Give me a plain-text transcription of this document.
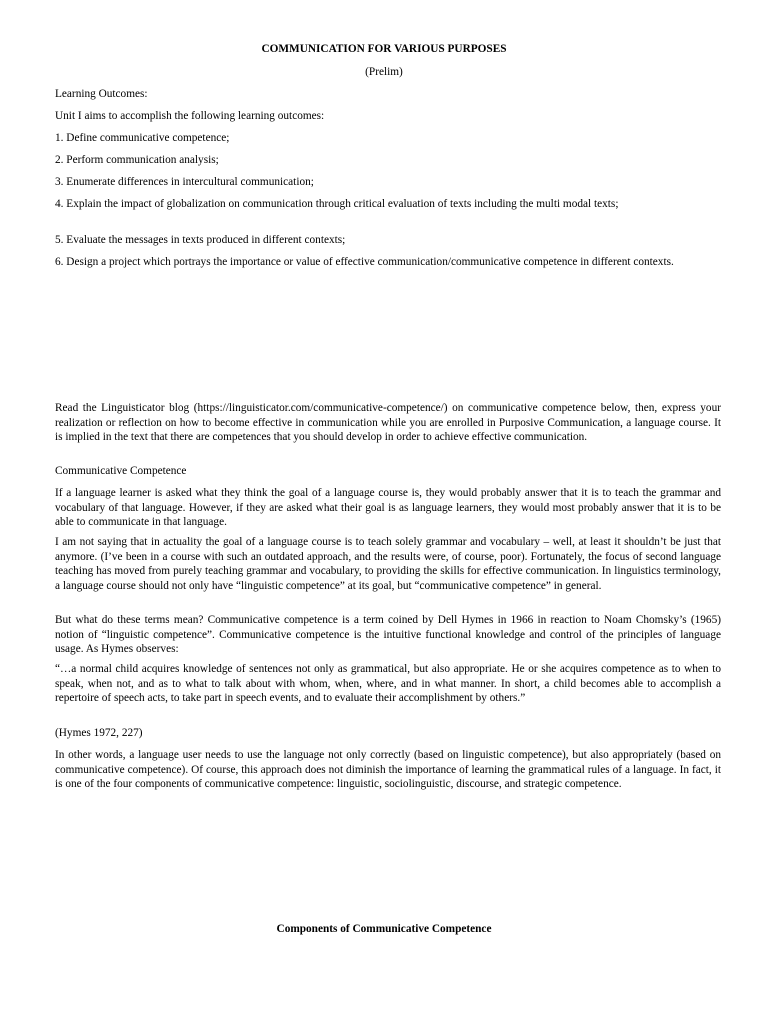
COMMUNICATION FOR VARIOUS PURPOSES

(Prelim)

Learning Outcomes:

Unit I aims to accomplish the following learning outcomes:

1. Define communicative competence;

2. Perform communication analysis;

3. Enumerate differences in intercultural communication;

4. Explain the impact of globalization on communication through critical evaluation of texts including the multi modal texts;

5. Evaluate the messages in texts produced in different contexts;

6. Design a project which portrays the importance or value of effective communication/communicative competence in different contexts.

Read the Linguisticator blog (https://linguisticator.com/communicative-competence/) on communicative competence below, then, express your realization or reflection on how to become effective in communication while you are enrolled in Purposive Communication, a language course. It is implied in the text that there are competences that you should develop in order to achieve effective communication.

Communicative Competence

If a language learner is asked what they think the goal of a language course is, they would probably answer that it is to teach the grammar and vocabulary of that language. However, if they are asked what their goal is as language learners, they would most probably answer that it is to be able to communicate in that language.

I am not saying that in actuality the goal of a language course is to teach solely grammar and vocabulary – well, at least it shouldn’t be just that anymore. (I’ve been in a course with such an outdated approach, and the results were, of course, poor). Fortunately, the focus of second language teaching has moved from purely teaching grammar and vocabulary, to providing the skills for effective communication. In linguistics terminology, a language course should not only have “linguistic competence” at its goal, but “communicative competence” in general.

But what do these terms mean? Communicative competence is a term coined by Dell Hymes in 1966 in reaction to Noam Chomsky’s (1965) notion of “linguistic competence”. Communicative competence is the intuitive functional knowledge and control of the principles of language usage. As Hymes observes:

“…a normal child acquires knowledge of sentences not only as grammatical, but also appropriate. He or she acquires competence as to when to speak, when not, and as to what to talk about with whom, when, where, and in what manner. In short, a child becomes able to accomplish a repertoire of speech acts, to take part in speech events, and to evaluate their accomplishment by others.”

(Hymes 1972, 227)

In other words, a language user needs to use the language not only correctly (based on linguistic competence), but also appropriately (based on communicative competence). Of course, this approach does not diminish the importance of learning the grammatical rules of a language. In fact, it is one of the four components of communicative competence: linguistic, sociolinguistic, discourse, and strategic competence.

Components of Communicative Competence
